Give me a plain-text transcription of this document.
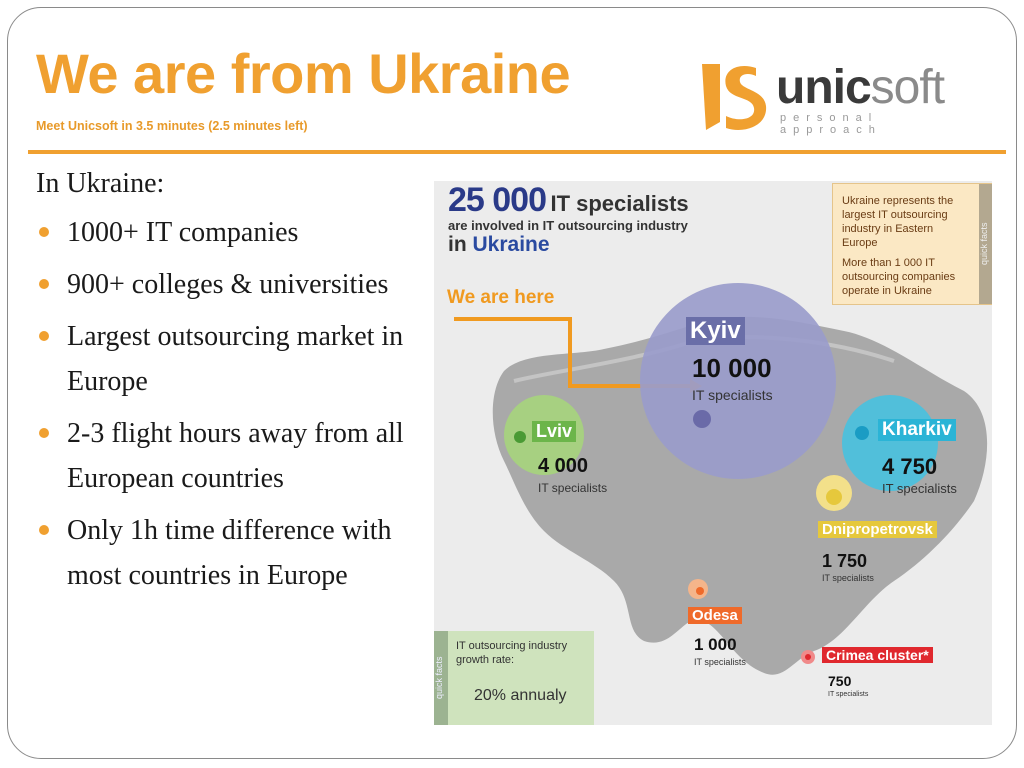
We are from Ukraine
Meet Unicsoft in 3.5 minutes (2.5 minutes left)
unicsoft
personal approach

In Ukraine:

1000+ IT companies
900+ colleges & universities
Largest outsourcing market in Europe
2-3 flight hours away from all European countries
Only 1h time difference with most countries in Europe
25 000 IT specialists
are involved in IT outsourcing industry
in Ukraine
Ukraine represents the largest IT outsourcing industry in Eastern Europe
More than 1 000 IT outsourcing companies operate in Ukraine
quick facts
We are here
Kyiv
10 000
IT specialists
Lviv
4 000
IT specialists
Kharkiv
4 750
IT specialists
Dnipropetrovsk
1 750
IT specialists
Odesa
1 000
IT specialists	Crimea cluster*
750
IT specialists
quick facts
IT outsourcing industry growth rate:
20% annualy
